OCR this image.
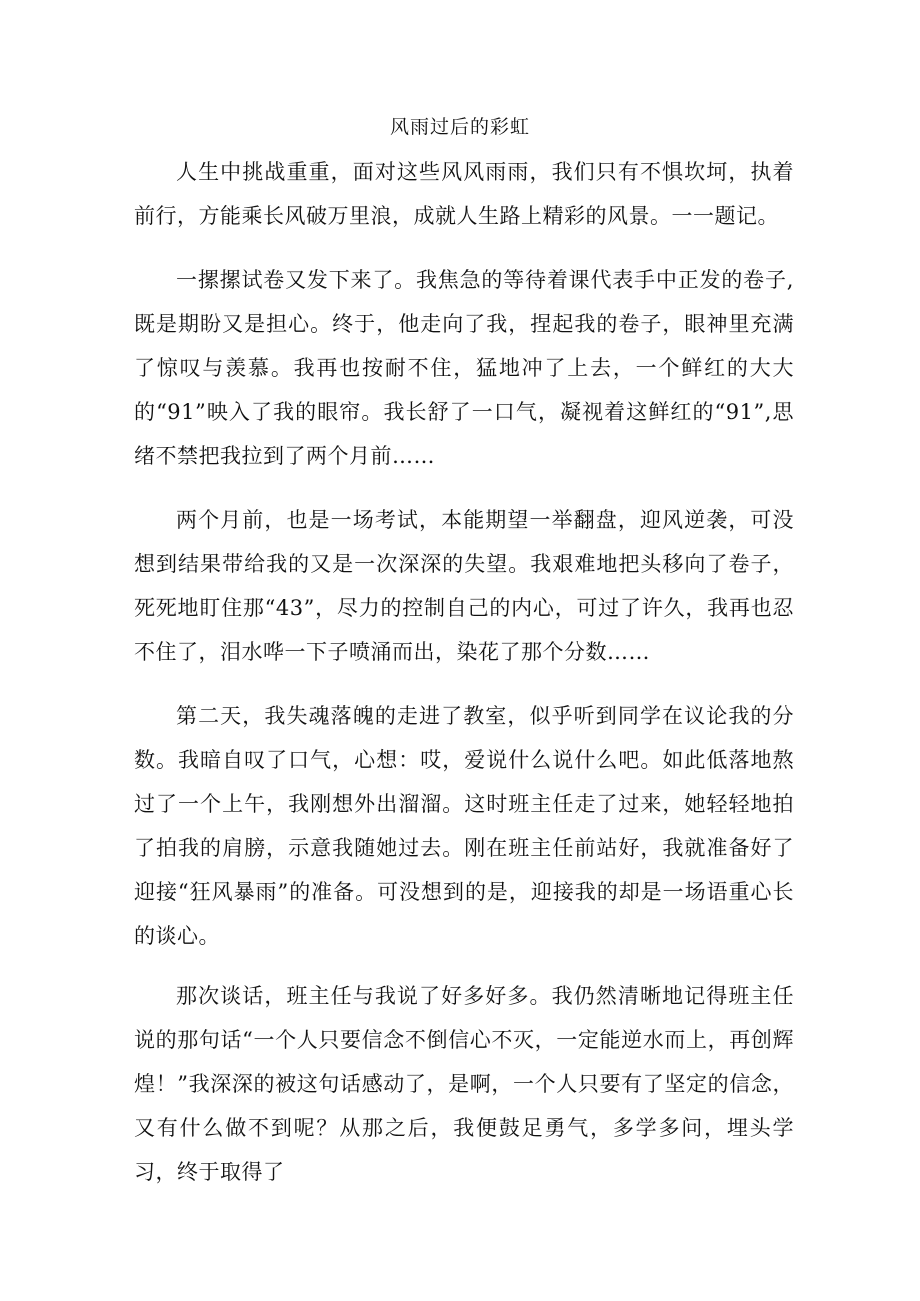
风雨过后的彩虹

人生中挑战重重，面对这些风风雨雨，我们只有不惧坎坷，执着前行，方能乘长风破万里浪，成就人生路上精彩的风景。一一题记。

一摞摞试卷又发下来了。我焦急的等待着课代表手中正发的卷子,既是期盼又是担心。终于，他走向了我，捏起我的卷子，眼神里充满了惊叹与羡慕。我再也按耐不住，猛地冲了上去，一个鲜红的大大的“91”映入了我的眼帘。我长舒了一口气，凝视着这鲜红的“91”,思绪不禁把我拉到了两个月前……

两个月前，也是一场考试，本能期望一举翻盘，迎风逆袭，可没想到结果带给我的又是一次深深的失望。我艰难地把头移向了卷子，死死地盯住那“43”，尽力的控制自己的内心，可过了许久，我再也忍不住了，泪水哗一下子喷涌而出，染花了那个分数……

第二天，我失魂落魄的走进了教室，似乎听到同学在议论我的分数。我暗自叹了口气，心想：哎，爱说什么说什么吧。如此低落地熬过了一个上午，我刚想外出溜溜。这时班主任走了过来，她轻轻地拍了拍我的肩膀，示意我随她过去。刚在班主任前站好，我就准备好了迎接“狂风暴雨”的准备。可没想到的是，迎接我的却是一场语重心长的谈心。

那次谈话，班主任与我说了好多好多。我仍然清晰地记得班主任说的那句话“一个人只要信念不倒信心不灭，一定能逆水而上，再创辉煌！”我深深的被这句话感动了，是啊，一个人只要有了坚定的信念，又有什么做不到呢？从那之后，我便鼓足勇气，多学多问，埋头学习，终于取得了
